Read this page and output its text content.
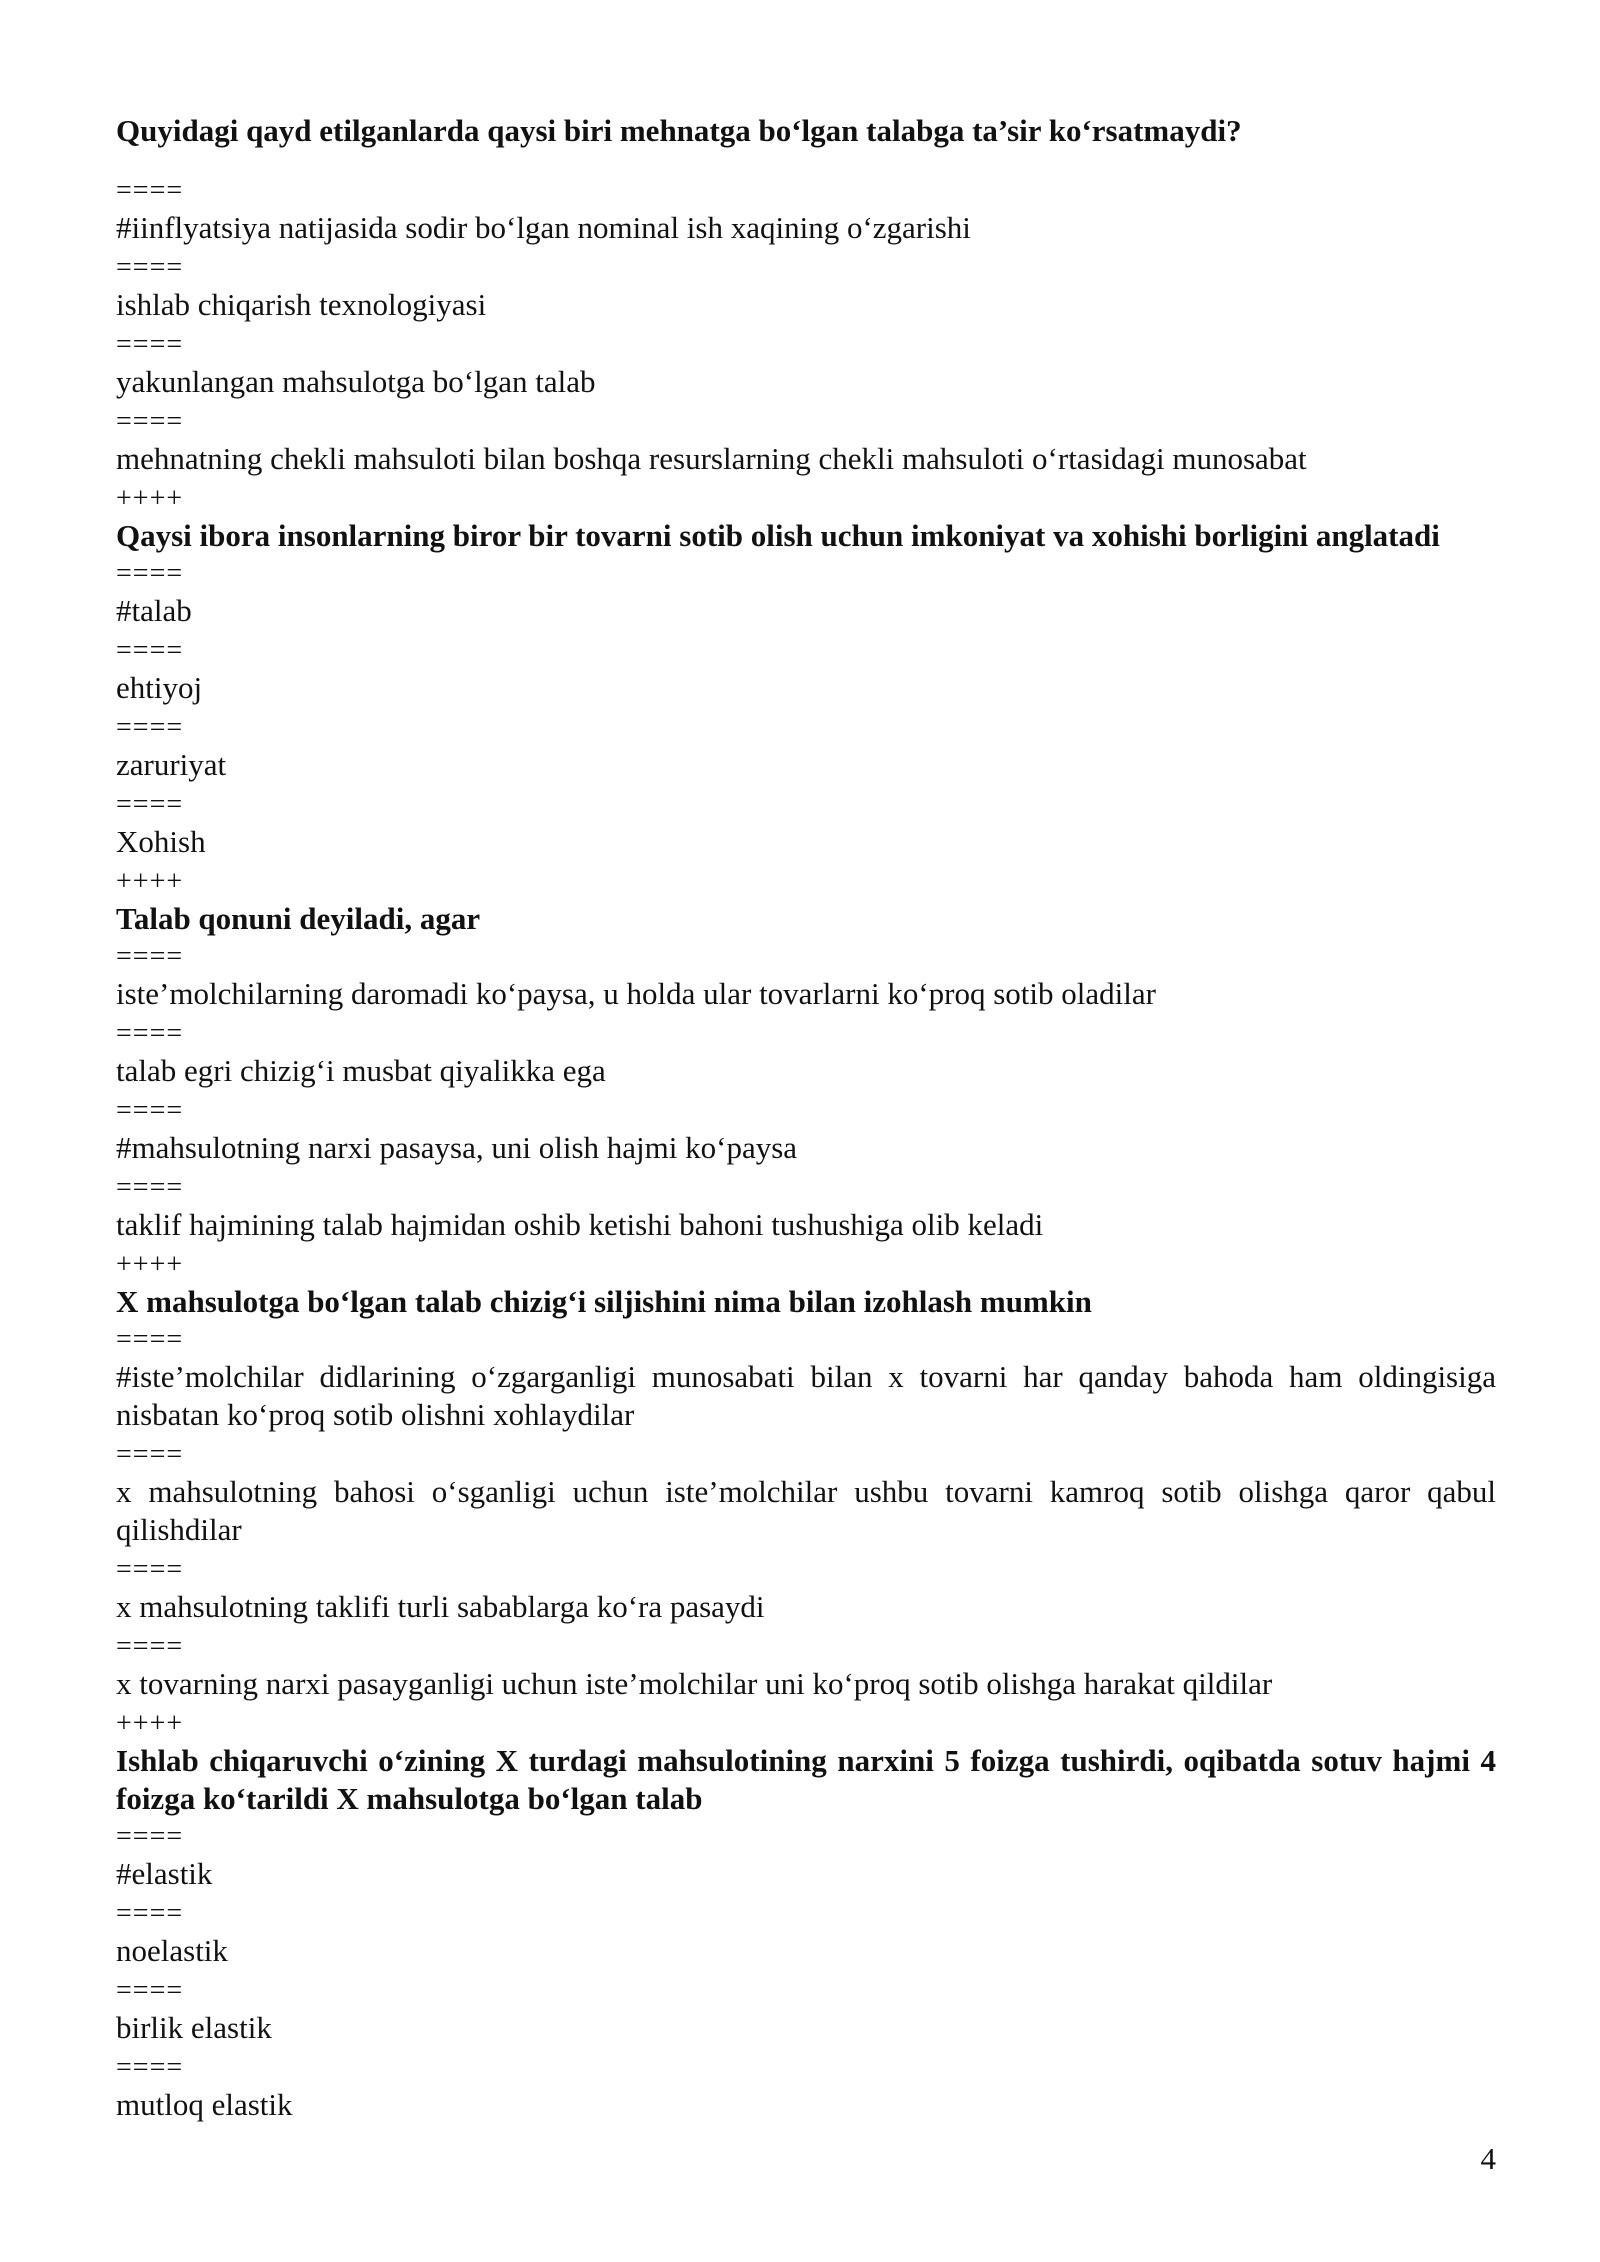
Quyidagi qayd etilganlarda qaysi biri mehnatga bo‘lgan talabga ta’sir ko‘rsatmaydi?

====

#iinflyatsiya natijasida sodir bo‘lgan nominal ish xaqining o‘zgarishi

====

ishlab chiqarish texnologiyasi

====

yakunlangan mahsulotga bo‘lgan talab

====

mehnatning chekli mahsuloti bilan boshqa resurslarning chekli mahsuloti o‘rtasidagi munosabat

++++

Qaysi ibora insonlarning biror bir tovarni sotib olish uchun imkoniyat va xohishi borligini anglatadi

====

#talab

====

ehtiyoj

====

zaruriyat

====

Xohish

++++

Talab qonuni deyiladi, agar

====

iste’molchilarning daromadi ko‘paysa, u holda ular tovarlarni ko‘proq sotib oladilar

====

talab egri chizig‘i musbat qiyalikka ega

====

#mahsulotning narxi pasaysa, uni olish hajmi ko‘paysa

====

taklif hajmining talab hajmidan oshib ketishi bahoni tushushiga olib keladi

++++

X mahsulotga bo‘lgan talab chizig‘i siljishini nima bilan izohlash mumkin

====

#iste’molchilar didlarining o‘zgarganligi munosabati bilan x tovarni har qanday bahoda ham oldingisiga nisbatan ko‘proq sotib olishni xohlaydilar

====

x mahsulotning bahosi o‘sganligi uchun iste’molchilar ushbu tovarni kamroq sotib olishga qaror qabul qilishdilar

====

x mahsulotning taklifi turli sabablarga ko‘ra pasaydi

====

x tovarning narxi pasayganligi uchun iste’molchilar uni ko‘proq sotib olishga harakat qildilar

++++

Ishlab chiqaruvchi o‘zining X turdagi mahsulotining narxini 5 foizga tushirdi, oqibatda sotuv hajmi 4 foizga ko‘tarildi X mahsulotga bo‘lgan talab

====

#elastik

====

noelastik

====

birlik elastik

====

mutloq elastik

4
